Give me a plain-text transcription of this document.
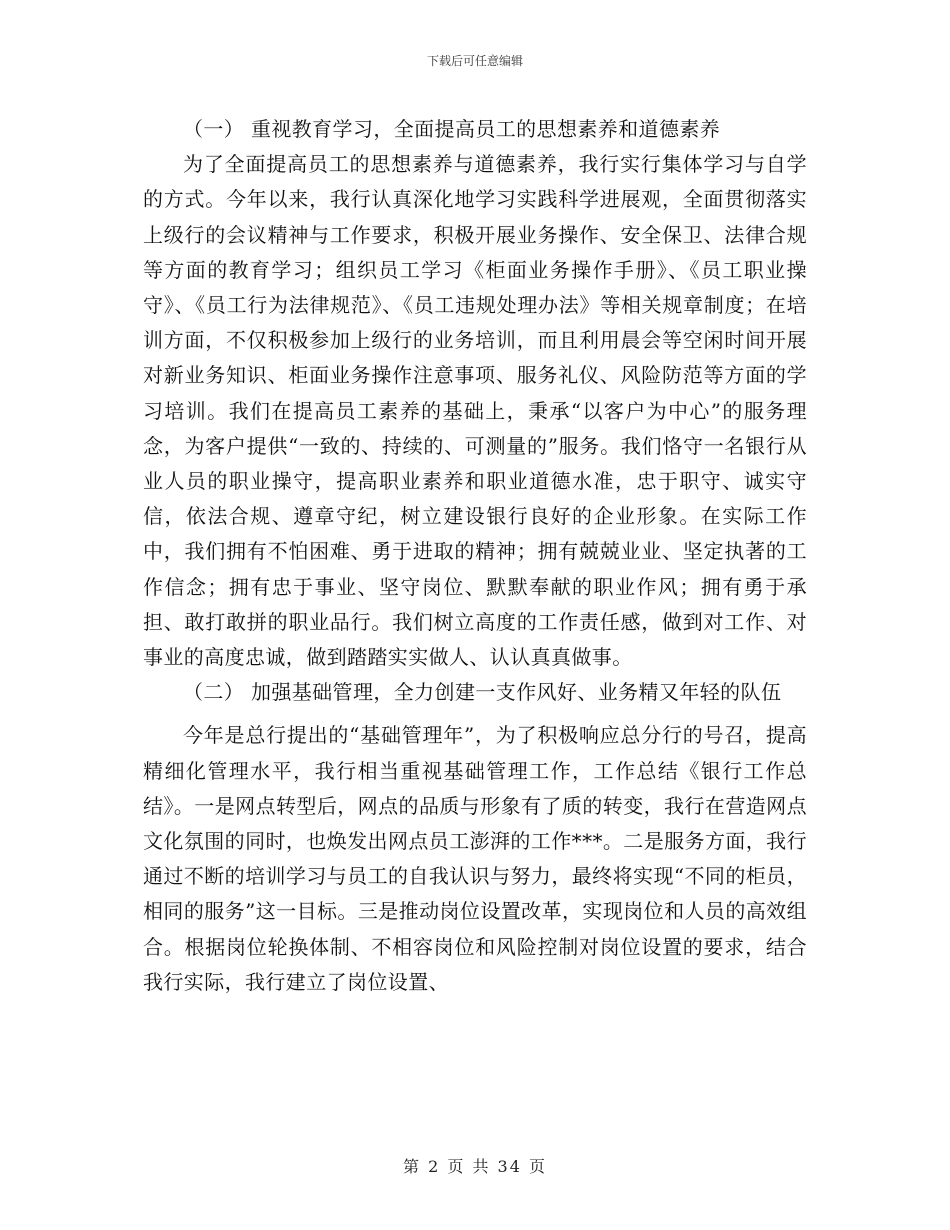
下载后可任意编辑

（一） 重视教育学习，全面提高员工的思想素养和道德素养

为了全面提高员工的思想素养与道德素养，我行实行集体学习与自学的方式。今年以来，我行认真深化地学习实践科学进展观，全面贯彻落实上级行的会议精神与工作要求，积极开展业务操作、安全保卫、法律合规等方面的教育学习；组织员工学习《柜面业务操作手册》、《员工职业操守》、《员工行为法律规范》、《员工违规处理办法》等相关规章制度；在培训方面，不仅积极参加上级行的业务培训，而且利用晨会等空闲时间开展对新业务知识、柜面业务操作注意事项、服务礼仪、风险防范等方面的学习培训。我们在提高员工素养的基础上，秉承“以客户为中心”的服务理念，为客户提供“一致的、持续的、可测量的”服务。我们恪守一名银行从业人员的职业操守，提高职业素养和职业道德水准，忠于职守、诚实守信，依法合规、遵章守纪，树立建设银行良好的企业形象。在实际工作中，我们拥有不怕困难、勇于进取的精神；拥有兢兢业业、坚定执著的工作信念；拥有忠于事业、坚守岗位、默默奉献的职业作风；拥有勇于承担、敢打敢拼的职业品行。我们树立高度的工作责任感，做到对工作、对事业的高度忠诚，做到踏踏实实做人、认认真真做事。

（二） 加强基础管理，全力创建一支作风好、业务精又年轻的队伍

今年是总行提出的“基础管理年”，为了积极响应总分行的号召，提高精细化管理水平，我行相当重视基础管理工作，工作总结《银行工作总结》。一是网点转型后，网点的品质与形象有了质的转变，我行在营造网点文化氛围的同时，也焕发出网点员工澎湃的工作***。二是服务方面，我行通过不断的培训学习与员工的自我认识与努力，最终将实现“不同的柜员，相同的服务”这一目标。三是推动岗位设置改革，实现岗位和人员的高效组合。根据岗位轮换体制、不相容岗位和风险控制对岗位设置的要求，结合我行实际，我行建立了岗位设置、

第 2 页 共 34 页
